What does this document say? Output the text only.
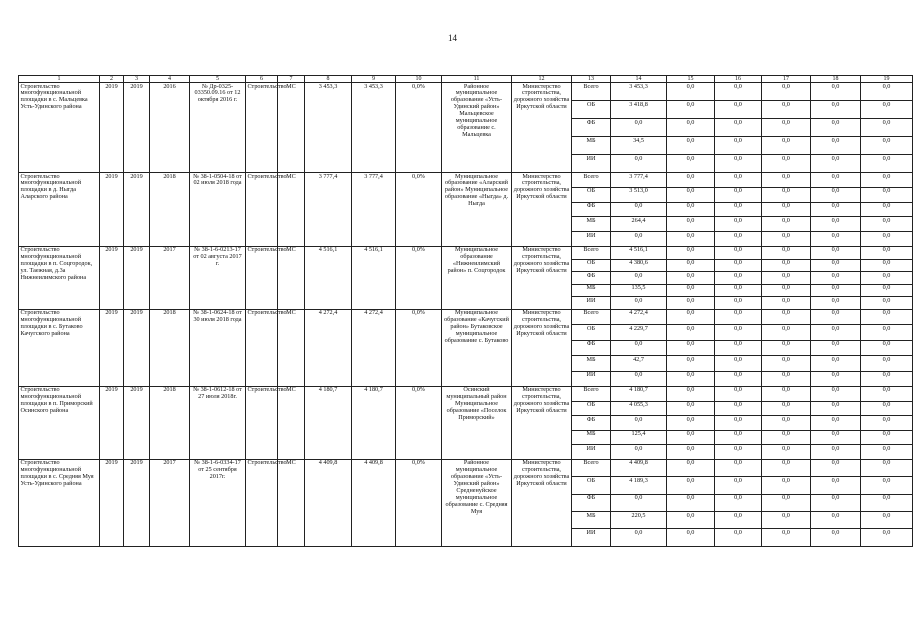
14
1	2	3	4	5	6	7	8	9	10	11	12	13	14	15	16	17	18	19
Строительство многофункциональной площадки в с. Мальцевка Усть-Удинского района	2019	2019	2016	№ Др-0325-03350.09.16 от 12 октября 2016 г.	Строительство	МС	3 453,3	3 453,3	0,0%	Районное муниципальное образование «Усть-Удинский район» Мальцевское муниципальное образование с. Мальцевка	Министерство строительства, дорожного хозяйства Иркутской области	Всего	3 453,3	0,0	0,0	0,0	0,0	0,0
												ОБ	3 418,8	0,0	0,0	0,0	0,0	0,0
												ФБ	0,0	0,0	0,0	0,0	0,0	0,0
												МБ	34,5	0,0	0,0	0,0	0,0	0,0
												ИИ	0,0	0,0	0,0	0,0	0,0	0,0
Строительство многофункциональной площадки в д. Ныгда Аларского района	2019	2019	2018	№ 38-1-0504-18 от 02 июля 2018 года	Строительство	МС	3 777,4	3 777,4	0,0%	Муниципальное образование «Аларский район» Муниципальное образование «Ныгда» д. Ныгда	Министерство строительства, дорожного хозяйства Иркутской области	Всего	3 777,4	0,0	0,0	0,0	0,0	0,0
												ОБ	3 513,0	0,0	0,0	0,0	0,0	0,0
												ФБ	0,0	0,0	0,0	0,0	0,0	0,0
												МБ	264,4	0,0	0,0	0,0	0,0	0,0
												ИИ	0,0	0,0	0,0	0,0	0,0	0,0
Строительство многофункциональной площадки в п. Соцгородок, ул. Таежная, д.3а Нижнеилимского района	2019	2019	2017	№ 38-1-6-0213-17 от 02 августа 2017 г.	Строительство	МС	4 516,1	4 516,1	0,0%	Муниципальное образование «Нижнеилимский район» п. Соцгородок	Министерство строительства, дорожного хозяйства Иркутской области	Всего	4 516,1	0,0	0,0	0,0	0,0	0,0
												ОБ	4 380,6	0,0	0,0	0,0	0,0	0,0
												ФБ	0,0	0,0	0,0	0,0	0,0	0,0
												МБ	135,5	0,0	0,0	0,0	0,0	0,0
												ИИ	0,0	0,0	0,0	0,0	0,0	0,0
Строительство многофункциональной площадки в с. Бутаково Качугского района	2019	2019	2018	№ 38-1-0624-18 от 30 июля 2018 года	Строительство	МС	4 272,4	4 272,4	0,0%	Муниципальное образование «Качугский район» Бутаковское муниципальное образование с. Бутаково	Министерство строительства, дорожного хозяйства Иркутской области	Всего	4 272,4	0,0	0,0	0,0	0,0	0,0
												ОБ	4 229,7	0,0	0,0	0,0	0,0	0,0
												ФБ	0,0	0,0	0,0	0,0	0,0	0,0
												МБ	42,7	0,0	0,0	0,0	0,0	0,0
												ИИ	0,0	0,0	0,0	0,0	0,0	0,0
Строительство многофункциональной площадки в п. Приморский Осинского района	2019	2019	2018	№ 38-1-0612-18 от 27 июля 2018г.	Строительство	МС	4 180,7	4 180,7	0,0%	Осинский муниципальный район Муниципальное образование «Поселок Приморский»	Министерство строительства, дорожного хозяйства Иркутской области	Всего	4 180,7	0,0	0,0	0,0	0,0	0,0
												ОБ	4 055,3	0,0	0,0	0,0	0,0	0,0
												ФБ	0,0	0,0	0,0	0,0	0,0	0,0
												МБ	125,4	0,0	0,0	0,0	0,0	0,0
												ИИ	0,0	0,0	0,0	0,0	0,0	0,0
Строительство многофункциональной площадки в с. Средняя Муя Усть-Удинского района	2019	2019	2017	№ 38-1-6-0334-17 от 25 сентября 2017г.	Строительство	МС	4 409,8	4 409,8	0,0%	Районное муниципальное образование «Усть-Удинский район» Средненуйское муниципальное образование с. Средняя Муя	Министерство строительства, дорожного хозяйства Иркутской области	Всего	4 409,8	0,0	0,0	0,0	0,0	0,0
												ОБ	4 189,3	0,0	0,0	0,0	0,0	0,0
												ФБ	0,0	0,0	0,0	0,0	0,0	0,0
												МБ	220,5	0,0	0,0	0,0	0,0	0,0
												ИИ	0,0	0,0	0,0	0,0	0,0	0,0
